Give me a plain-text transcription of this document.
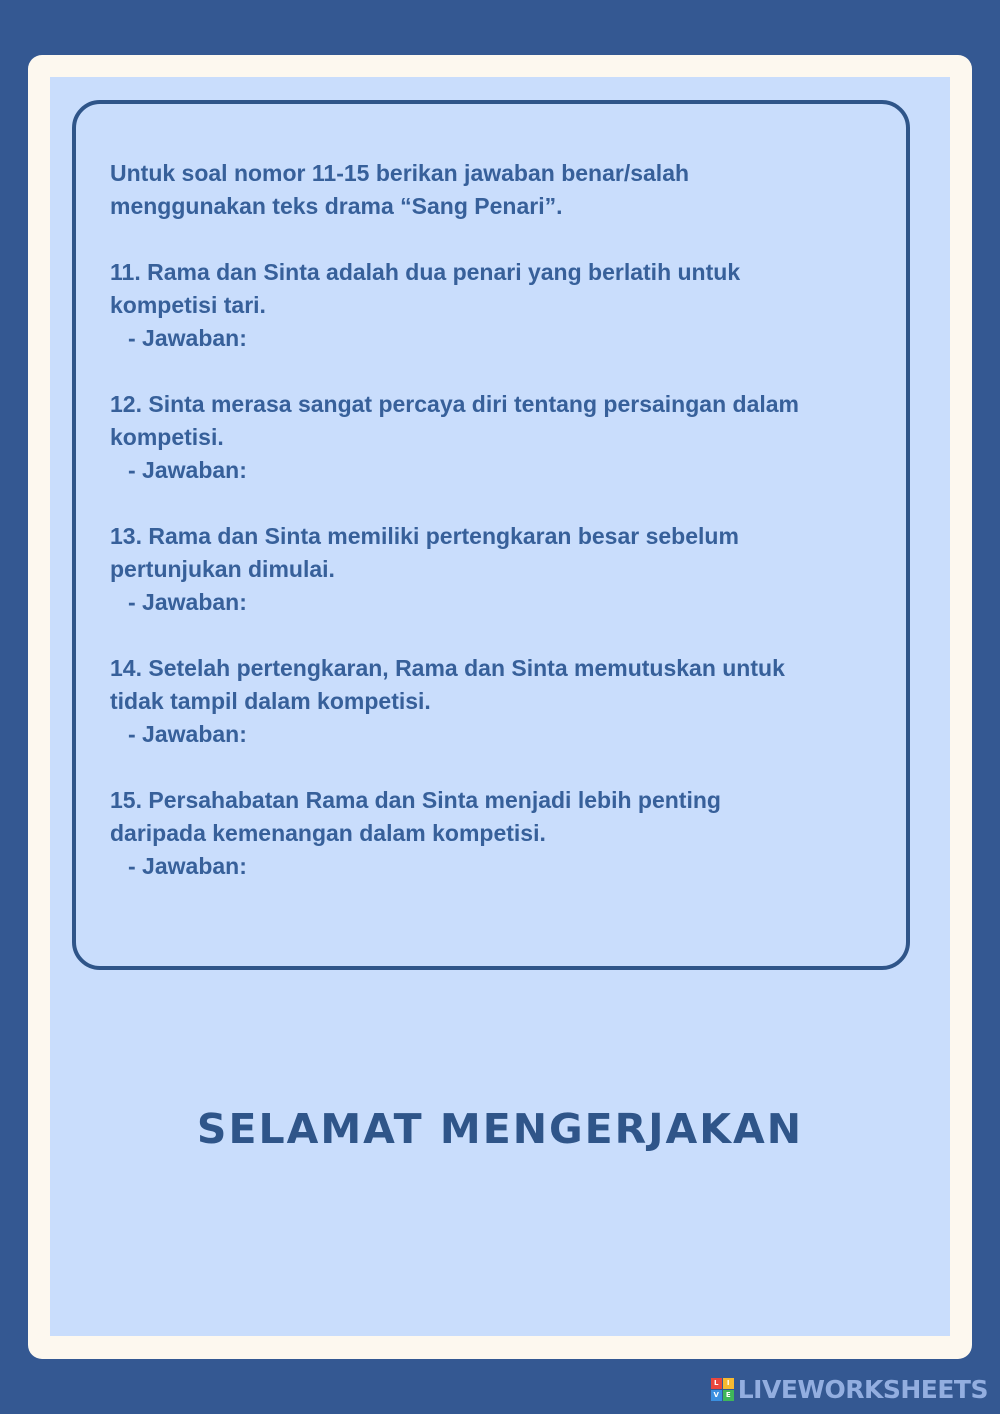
Untuk soal nomor 11-15 berikan jawaban benar/salah

menggunakan teks drama “Sang Penari”.

11. Rama dan Sinta adalah dua penari yang berlatih untuk

kompetisi tari.

- Jawaban:

12. Sinta merasa sangat percaya diri tentang persaingan dalam

kompetisi.

- Jawaban:

13. Rama dan Sinta memiliki pertengkaran besar sebelum

pertunjukan dimulai.

- Jawaban:

14. Setelah pertengkaran, Rama dan Sinta memutuskan untuk

tidak tampil dalam kompetisi.

- Jawaban:

15. Persahabatan Rama dan Sinta menjadi lebih penting

daripada kemenangan dalam kompetisi.

- Jawaban:

SELAMAT MENGERJAKAN
L	I
V E LIVEWORKSHEETS
